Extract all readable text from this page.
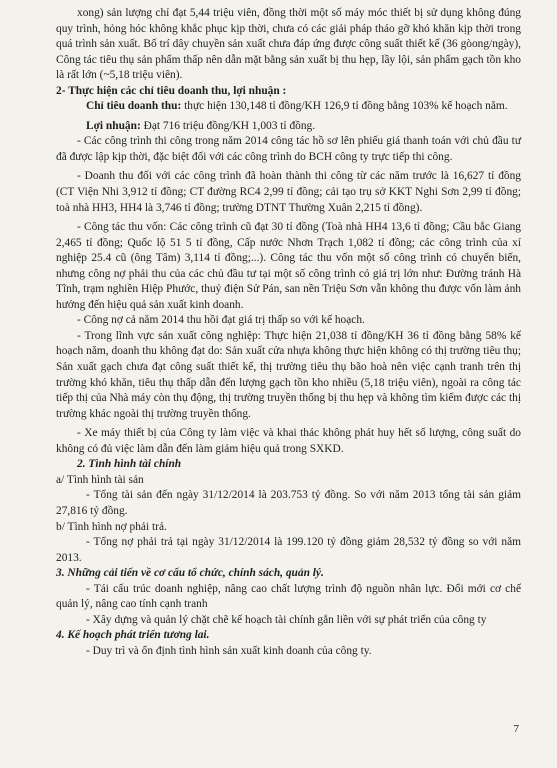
xong) sản lượng chỉ đạt 5,44 triệu viên, đồng thời một số máy móc thiết bị sử dụng không đúng quy trình, hỏng hóc không khắc phục kịp thời, chưa có các giải pháp tháo gỡ khó khăn kịp thời trong quá trình sản xuất. Bố trí dây chuyền sản xuất chưa đáp ứng được công suất thiết kế (36 gòong/ngày), Công tác tiêu thụ sản phẩm thấp nên dẫn mặt bằng sản xuất bị thu hẹp, lầy lội, sản phẩm gạch tồn kho là rất lớn (~5,18 triệu viên).

2- Thực hiện các chỉ tiêu doanh thu, lợi nhuận :

Chỉ tiêu doanh thu: thực hiện 130,148 tỉ đồng/KH 126,9 tỉ đồng bằng 103% kế hoạch năm.

Lợi nhuận: Đạt 716 triệu đồng/KH 1,003 tỉ đồng.

- Các công trình thi công trong năm 2014 công tác hồ sơ lên phiếu giá thanh toán với chủ đầu tư đã được lập kịp thời, đặc biệt đối với các công trình do BCH công ty trực tiếp thi công.

- Doanh thu đối với các công trình đã hoàn thành thi công từ các năm trước là 16,627 tỉ đồng (CT Viện Nhi 3,912 tỉ đồng; CT đường RC4 2,99 tỉ đồng; cải tạo trụ sở KKT Nghi Sơn 2,99 tỉ đồng; toà nhà HH3, HH4 là 3,746 tỉ đồng; trường DTNT Thường Xuân 2,215 tỉ đồng).

- Công tác thu vốn: Các công trình cũ đạt 30 tỉ đồng (Toà nhà HH4 13,6 tỉ đồng; Cầu bắc Giang 2,465 tỉ đồng; Quốc lộ 51 5 tỉ đồng, Cấp nước Nhơn Trạch 1,082 tỉ đồng; các công trình của xí nghiệp 25.4 cũ (ông Tâm) 3,114 tỉ đồng;...). Công tác thu vốn một số công trình có chuyển biến, nhưng công nợ phải thu của các chủ đầu tư tại một số công trình có giá trị lớn như: Đường tránh Hà Tĩnh, trạm nghiền Hiệp Phước, thuỷ điện Sử Pán, san nền Triệu Sơn vẫn không thu được vốn làm ảnh hưởng đến hiệu quả sản xuất kinh doanh.

- Công nợ cả năm 2014 thu hồi đạt giá trị thấp so với kế hoạch.

- Trong lĩnh vực sản xuất công nghiệp: Thực hiện 21,038 tỉ đồng/KH 36 tỉ đồng bằng 58% kế hoạch năm, doanh thu không đạt do: Sản xuất cửa nhựa không thực hiện không có thị trường tiêu thụ; Sản xuất gạch chưa đạt công suất thiết kế, thị trường tiêu thụ bão hoà nên việc cạnh tranh trên thị trường khó khăn, tiêu thụ thấp dẫn đến lượng gạch tồn kho nhiều (5,18 triệu viên), ngoài ra công tác tiếp thị của Nhà máy còn thụ động, thị trường truyền thống bị thu hẹp và không tìm kiếm được các thị trường khác ngoài thị trường truyền thống.

- Xe máy thiết bị của Công ty làm việc và khai thác không phát huy hết số lượng, công suất do không có đủ việc làm dẫn đến làm giảm hiệu quả trong SXKD.

2. Tình hình tài chính

a/ Tình hình tài sản

- Tổng tài sản đến ngày 31/12/2014 là 203.753 tỷ đồng. So với năm 2013 tổng tài sản giảm 27,816 tỷ đồng.

b/ Tình hình nợ phải trả.

- Tổng nợ phải trả tại ngày 31/12/2014 là 199.120 tỷ đồng giảm 28,532 tỷ đồng so với năm 2013.

3. Những cải tiến về cơ cấu tổ chức, chính sách, quản lý.

- Tái cấu trúc doanh nghiệp, nâng cao chất lượng trình độ nguồn nhân lực. Đổi mới cơ chế quản lý, nâng cao tính cạnh tranh

- Xây dựng và quản lý chặt chẽ kế hoạch tài chính gắn liền với sự phát triển của công ty

4. Kế hoạch phát triển tương lai.

- Duy trì và ổn định tình hình sản xuất kinh doanh của công ty.

7
